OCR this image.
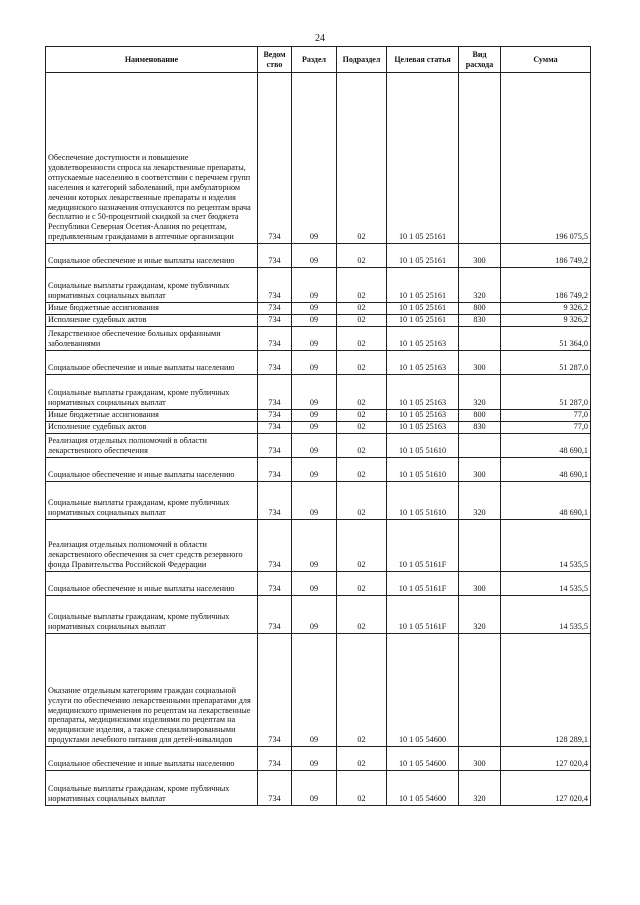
24
Наименование	Ведом ство	Раздел	Подраздел	Целевая статья	Вид расхода	Сумма
Обеспечение доступности и повышение удовлетворенности спроса на лекарственные препараты, отпускаемые населению в соответствии с перечнем групп населения и категорий заболеваний, при амбулаторном лечении которых лекарственные препараты и изделия медицинского назначения отпускаются по рецептам врача бесплатно и с 50-процентной скидкой за счет бюджета Республики Северная Осетия-Алания по рецептам, предъявленным гражданами в аптечные организации	734	09	02	10 1 05 25161		196 075,5
Социальное обеспечение и иные выплаты населению	734	09	02	10 1 05 25161	300	186 749,2
Социальные выплаты гражданам, кроме публичных нормативных социальных выплат	734	09	02	10 1 05 25161	320	186 749,2
Иные бюджетные ассигнования	734	09	02	10 1 05 25161	800	9 326,2
Исполнение судебных актов	734	09	02	10 1 05 25161	830	9 326,2
Лекарственное обеспечение больных орфанными заболеваниями	734	09	02	10 1 05 25163		51 364,0
Социальное обеспечение и иные выплаты населению	734	09	02	10 1 05 25163	300	51 287,0
Социальные выплаты гражданам, кроме публичных нормативных социальных выплат	734	09	02	10 1 05 25163	320	51 287,0
Иные бюджетные ассигнования	734	09	02	10 1 05 25163	800	77,0
Исполнение судебных актов	734	09	02	10 1 05 25163	830	77,0
Реализация отдельных полномочий в области лекарственного обеспечения	734	09	02	10 1 05 51610		48 690,1
Социальное обеспечение и иные выплаты населению	734	09	02	10 1 05 51610	300	48 690,1
Социальные выплаты гражданам, кроме публичных нормативных социальных выплат	734	09	02	10 1 05 51610	320	48 690,1
Реализация отдельных полномочий в области лекарственного обеспечения за счет средств резервного фонда Правительства Российской Федерации	734	09	02	10 1 05 5161F		14 535,5
Социальное обеспечение и иные выплаты населению	734	09	02	10 1 05 5161F	300	14 535,5
Социальные выплаты гражданам, кроме публичных нормативных социальных выплат	734	09	02	10 1 05 5161F	320	14 535,5
Оказание отдельным категориям граждан социальной услуги по обеспечению лекарственными препаратами для медицинского применения по рецептам на лекарственные препараты, медицинскими изделиями по рецептам на медицинские изделия, а также специализированными продуктами лечебного питания для детей-инвалидов	734	09	02	10 1 05 54600		128 289,1
Социальное обеспечение и иные выплаты населению	734	09	02	10 1 05 54600	300	127 020,4
Социальные выплаты гражданам, кроме публичных нормативных социальных выплат	734	09	02	10 1 05 54600	320	127 020,4
